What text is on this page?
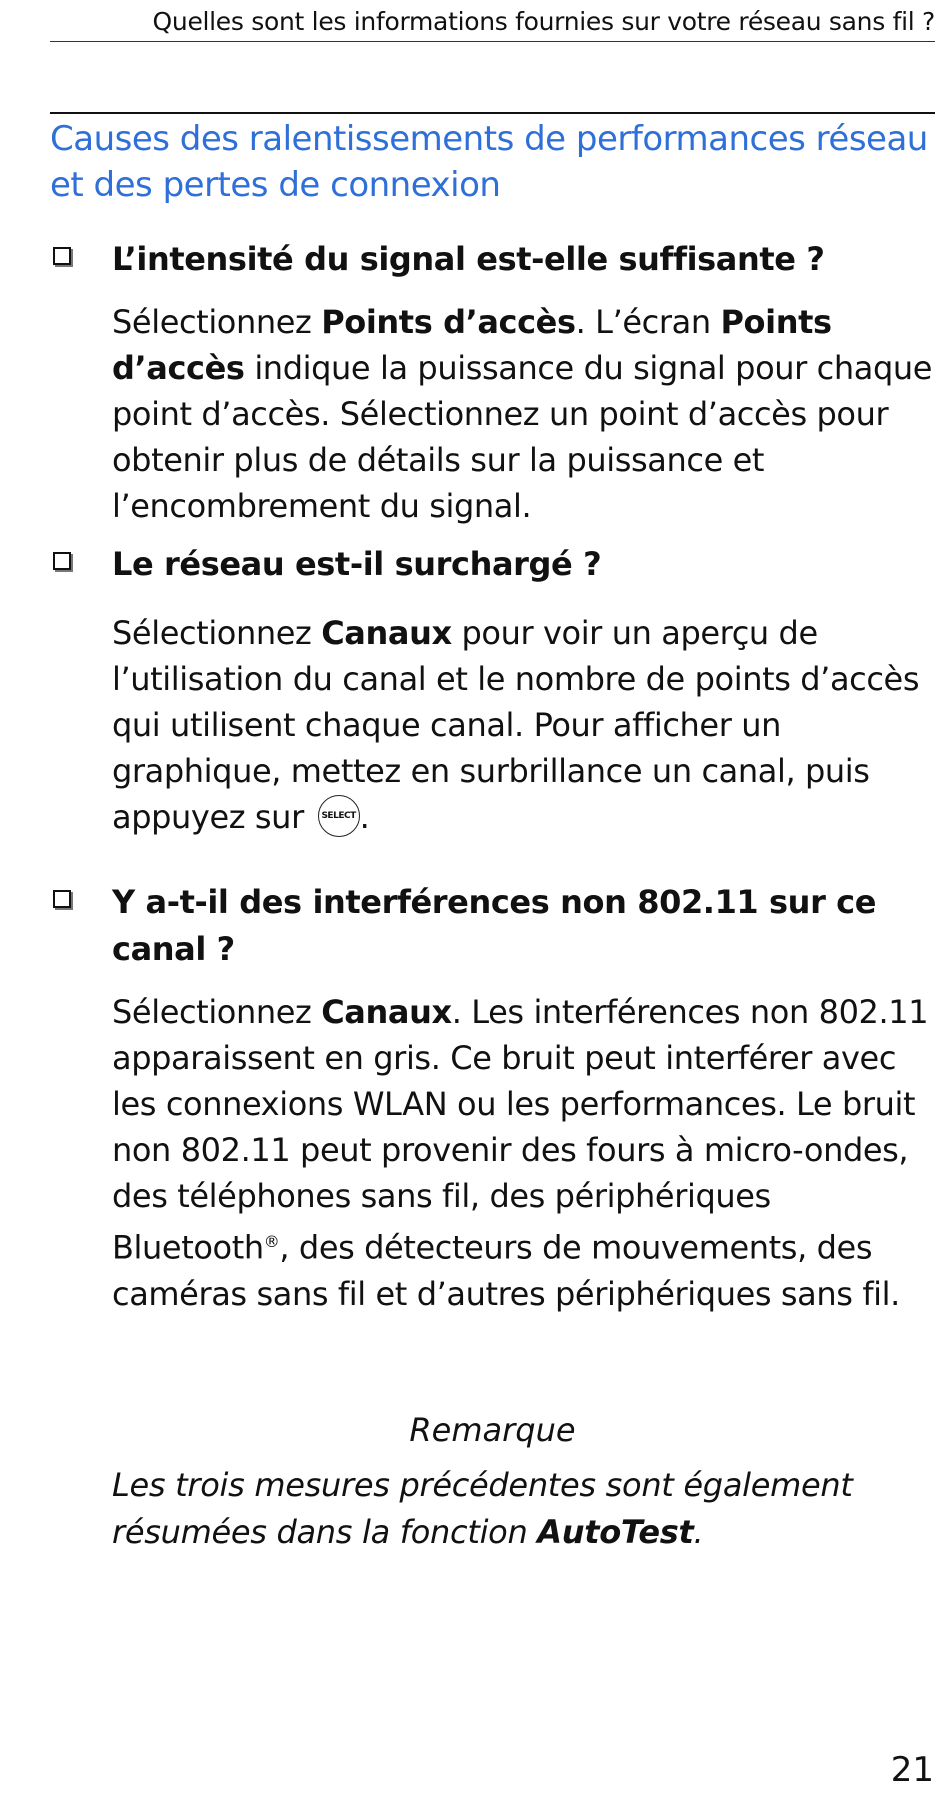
Quelles sont les informations fournies sur votre réseau sans fil ?
Causes des ralentissements de performances réseau et des pertes de connexion
L’intensité du signal est-elle suffisante ?

Sélectionnez Points d’accès. L’écran Points d’accès indique la puissance du signal pour chaque point d’accès. Sélectionnez un point d’accès pour obtenir plus de détails sur la puissance et l’encombrement du signal.

Le réseau est-il surchargé ?

Sélectionnez Canaux pour voir un aperçu de l’utilisation du canal et le nombre de points d’accès qui utilisent chaque canal. Pour afficher un graphique, mettez en surbrillance un canal, puis appuyez sur SELECT .

Y a-t-il des interférences non 802.11 sur ce canal ?

Sélectionnez Canaux. Les interférences non 802.11 apparaissent en gris. Ce bruit peut interférer avec les connexions WLAN ou les performances. Le bruit non 802.11 peut provenir des fours à micro-ondes, des téléphones sans fil, des périphériques Bluetooth®, des détecteurs de mouvements, des caméras sans fil et d’autres périphériques sans fil.

Remarque

Les trois mesures précédentes sont également résumées dans la fonction AutoTest.

21
